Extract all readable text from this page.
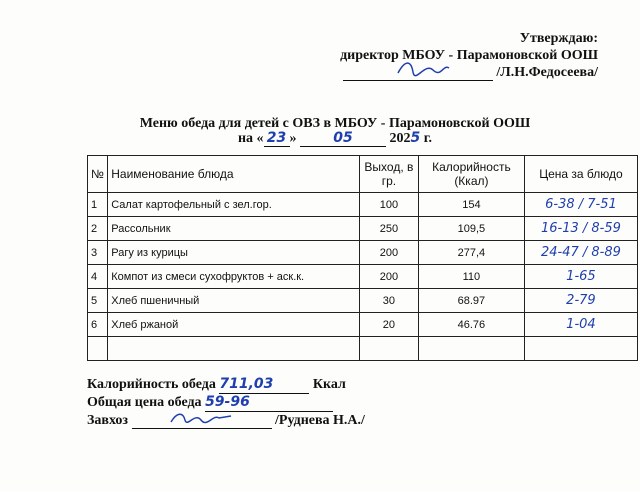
Утверждаю:
директор МБОУ - Парамоновской ООШ
/Л.Н.Федосеева/
Меню обеда для детей с ОВЗ в МБОУ - Парамоновской ООШ
на « 23 »	05	2025 г.
№	Наименование блюда	Выход, в гр.	Калорийность (Ккал)	Цена за блюдо
1	Салат картофельный с зел.гор.	100	154	6-38 / 7-51
2	Рассольник	250	109,5	16-13 / 8-59
3	Рагу из курицы	200	277,4	24-47 / 8-89
4	Компот из смеси сухофруктов + аск.к.	200	110	1-65
5	Хлеб пшеничный	30	68.97	2-79
6	Хлеб ржаной	20	46.76	1-04

Калорийность обеда 711,03	Ккал
Общая цена обеда 59-96
Завхоз	/Руднева Н.А./
